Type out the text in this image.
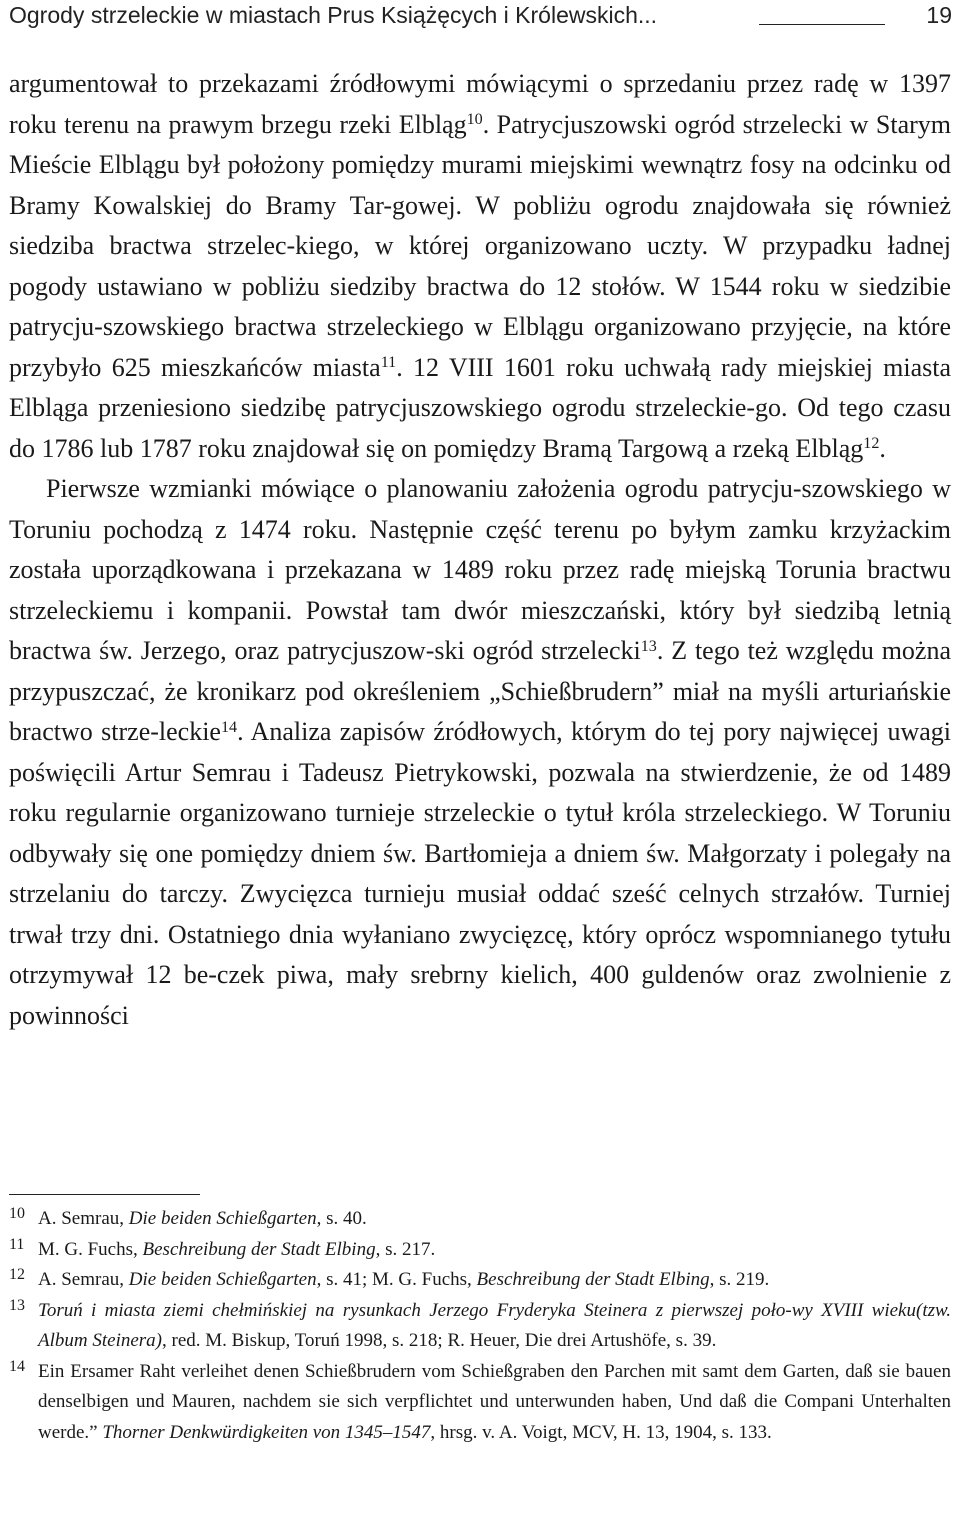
Ogrody strzeleckie w miastach Prus Książęcych i Królewskich...	19

argumentował to przekazami źródłowymi mówiącymi o sprzedaniu przez radę w 1397 roku terenu na prawym brzegu rzeki Elbląg$^{10}$. Patrycjuszowski ogród strzelecki w Starym Mieście Elblągu był położony pomiędzy murami miejskimi wewnątrz fosy na odcinku od Bramy Kowalskiej do Bramy Tar-gowej. W pobliżu ogrodu znajdowała się również siedziba bractwa strzelec-kiego, w której organizowano uczty. W przypadku ładnej pogody ustawiano w pobliżu siedziby bractwa do 12 stołów. W 1544 roku w siedzibie patrycju-szowskiego bractwa strzeleckiego w Elblągu organizowano przyjęcie, na które przybyło 625 mieszkańców miasta$^{11}$. 12 VIII 1601 roku uchwałą rady miejskiej miasta Elbląga przeniesiono siedzibę patrycjuszowskiego ogrodu strzeleckie-go. Od tego czasu do 1786 lub 1787 roku znajdował się on pomiędzy Bramą Targową a rzeką Elbląg$^{12}$.

Pierwsze wzmianki mówiące o planowaniu założenia ogrodu patrycju-szowskiego w Toruniu pochodzą z 1474 roku. Następnie część terenu po byłym zamku krzyżackim została uporządkowana i przekazana w 1489 roku przez radę miejską Torunia bractwu strzeleckiemu i kompanii. Powstał tam dwór mieszczański, który był siedzibą letnią bractwa św. Jerzego, oraz patrycjuszow-ski ogród strzelecki$^{13}$. Z tego też względu można przypuszczać, że kronikarz pod określeniem „Schießbrudern” miał na myśli arturiańskie bractwo strze-leckie$^{14}$. Analiza zapisów źródłowych, którym do tej pory najwięcej uwagi poświęcili Artur Semrau i Tadeusz Pietrykowski, pozwala na stwierdzenie, że od 1489 roku regularnie organizowano turnieje strzeleckie o tytuł króla strzeleckiego. W Toruniu odbywały się one pomiędzy dniem św. Bartłomieja a dniem św. Małgorzaty i polegały na strzelaniu do tarczy. Zwycięzca turnieju musiał oddać sześć celnych strzałów. Turniej trwał trzy dni. Ostatniego dnia wyłaniano zwycięzcę, który oprócz wspomnianego tytułu otrzymywał 12 be-czek piwa, mały srebrny kielich, 400 guldenów oraz zwolnienie z powinności

10 A. Semrau, Die beiden Schießgarten, s. 40.
11 M. G. Fuchs, Beschreibung der Stadt Elbing, s. 217.
12 A. Semrau, Die beiden Schießgarten, s. 41; M. G. Fuchs, Beschreibung der Stadt Elbing, s. 219.
13 Toruń i miasta ziemi chełmińskiej na rysunkach Jerzego Fryderyka Steinera z pierwszej poło-wy XVIII wieku(tzw. Album Steinera), red. M. Biskup, Toruń 1998, s. 218; R. Heuer, Die drei Artushöfe, s. 39.
14 Ein Ersamer Raht verleihet denen Schießbrudern vom Schießgraben den Parchen mit samt dem Garten, daß sie bauen denselbigen und Mauren, nachdem sie sich verpflichtet und unterwunden haben, Und daß die Compani Unterhalten werde.” Thorner Denkwürdigkeiten von 1345–1547, hrsg. v. A. Voigt, MCV, H. 13, 1904, s. 133.
